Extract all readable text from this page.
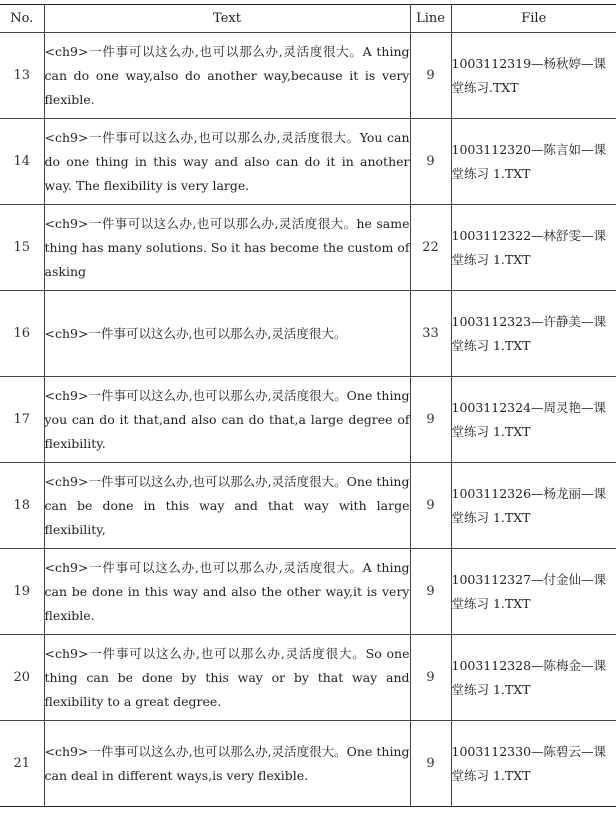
No.	Text	Line	File
13	<ch9>一件事可以这么办,也可以那么办,灵活度很大。A thing can do one way,also do another way,because it is very flexible.	9	1003112319—杨秋婷—课堂练习.TXT
14	<ch9>一件事可以这么办,也可以那么办,灵活度很大。You can do one thing in this way and also can do it in another way. The flexibility is very large.	9	1003112320—陈言如—课堂练习 1.TXT
15	<ch9>一件事可以这么办,也可以那么办,灵活度很大。he same thing has many solutions. So it has become the custom of asking	22	1003112322—林舒雯—课堂练习 1.TXT
16	<ch9>一件事可以这么办,也可以那么办,灵活度很大。	33	1003112323—许静美—课堂练习 1.TXT
17	<ch9>一件事可以这么办,也可以那么办,灵活度很大。One thing you can do it that,and also can do that,a large degree of flexibility.	9	1003112324—周灵艳—课堂练习 1.TXT
18	<ch9>一件事可以这么办,也可以那么办,灵活度很大。One thing can be done in this way and that way with large flexibility,	9	1003112326—杨龙丽—课堂练习 1.TXT
19	<ch9>一件事可以这么办,也可以那么办,灵活度很大。A thing can be done in this way and also the other way,it is very flexible.	9	1003112327—付金仙—课堂练习 1.TXT
20	<ch9>一件事可以这么办,也可以那么办,灵活度很大。So one thing can be done by this way or by that way and flexibility to a great degree.	9	1003112328—陈梅金—课堂练习 1.TXT
21	<ch9>一件事可以这么办,也可以那么办,灵活度很大。One thing can deal in different ways,is very flexible.	9	1003112330—陈碧云—课堂练习 1.TXT
